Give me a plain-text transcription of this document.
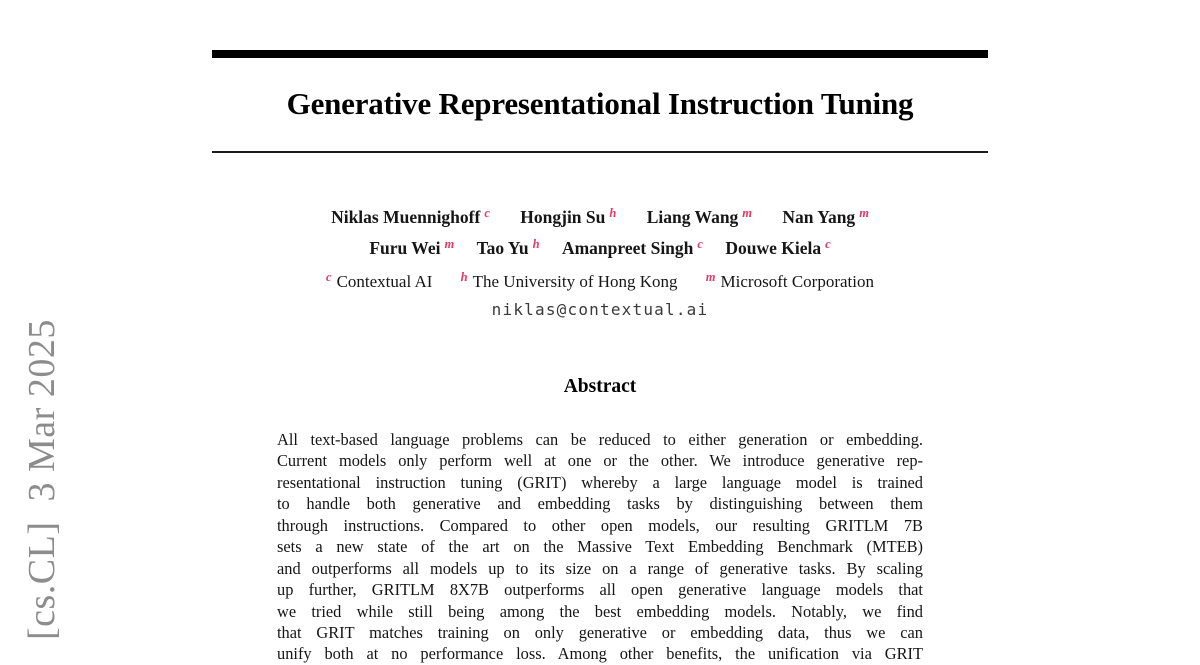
[cs.CL]  3 Mar 2025
Generative Representational Instruction Tuning
Niklas Muennighoff $^c$ Hongjin Su $^h$ Liang Wang $^m$ Nan Yang $^m$
Furu Wei $^m$ Tao Yu $^h$ Amanpreet Singh $^c$ Douwe Kiela $^c$
$^c$ Contextual AI $^h$ The University of Hong Kong $^m$ Microsoft Corporation
niklas@contextual.ai
Abstract
All text-based language problems can be reduced to either generation or embedding.
Current models only perform well at one or the other. We introduce generative rep-
resentational instruction tuning (GRIT) whereby a large language model is trained
to handle both generative and embedding tasks by distinguishing between them
through instructions. Compared to other open models, our resulting GRITLM 7B
sets a new state of the art on the Massive Text Embedding Benchmark (MTEB)
and outperforms all models up to its size on a range of generative tasks. By scaling
up further, GRITLM 8X7B outperforms all open generative language models that
we tried while still being among the best embedding models. Notably, we find
that GRIT matches training on only generative or embedding data, thus we can
unify both at no performance loss. Among other benefits, the unification via GRIT
